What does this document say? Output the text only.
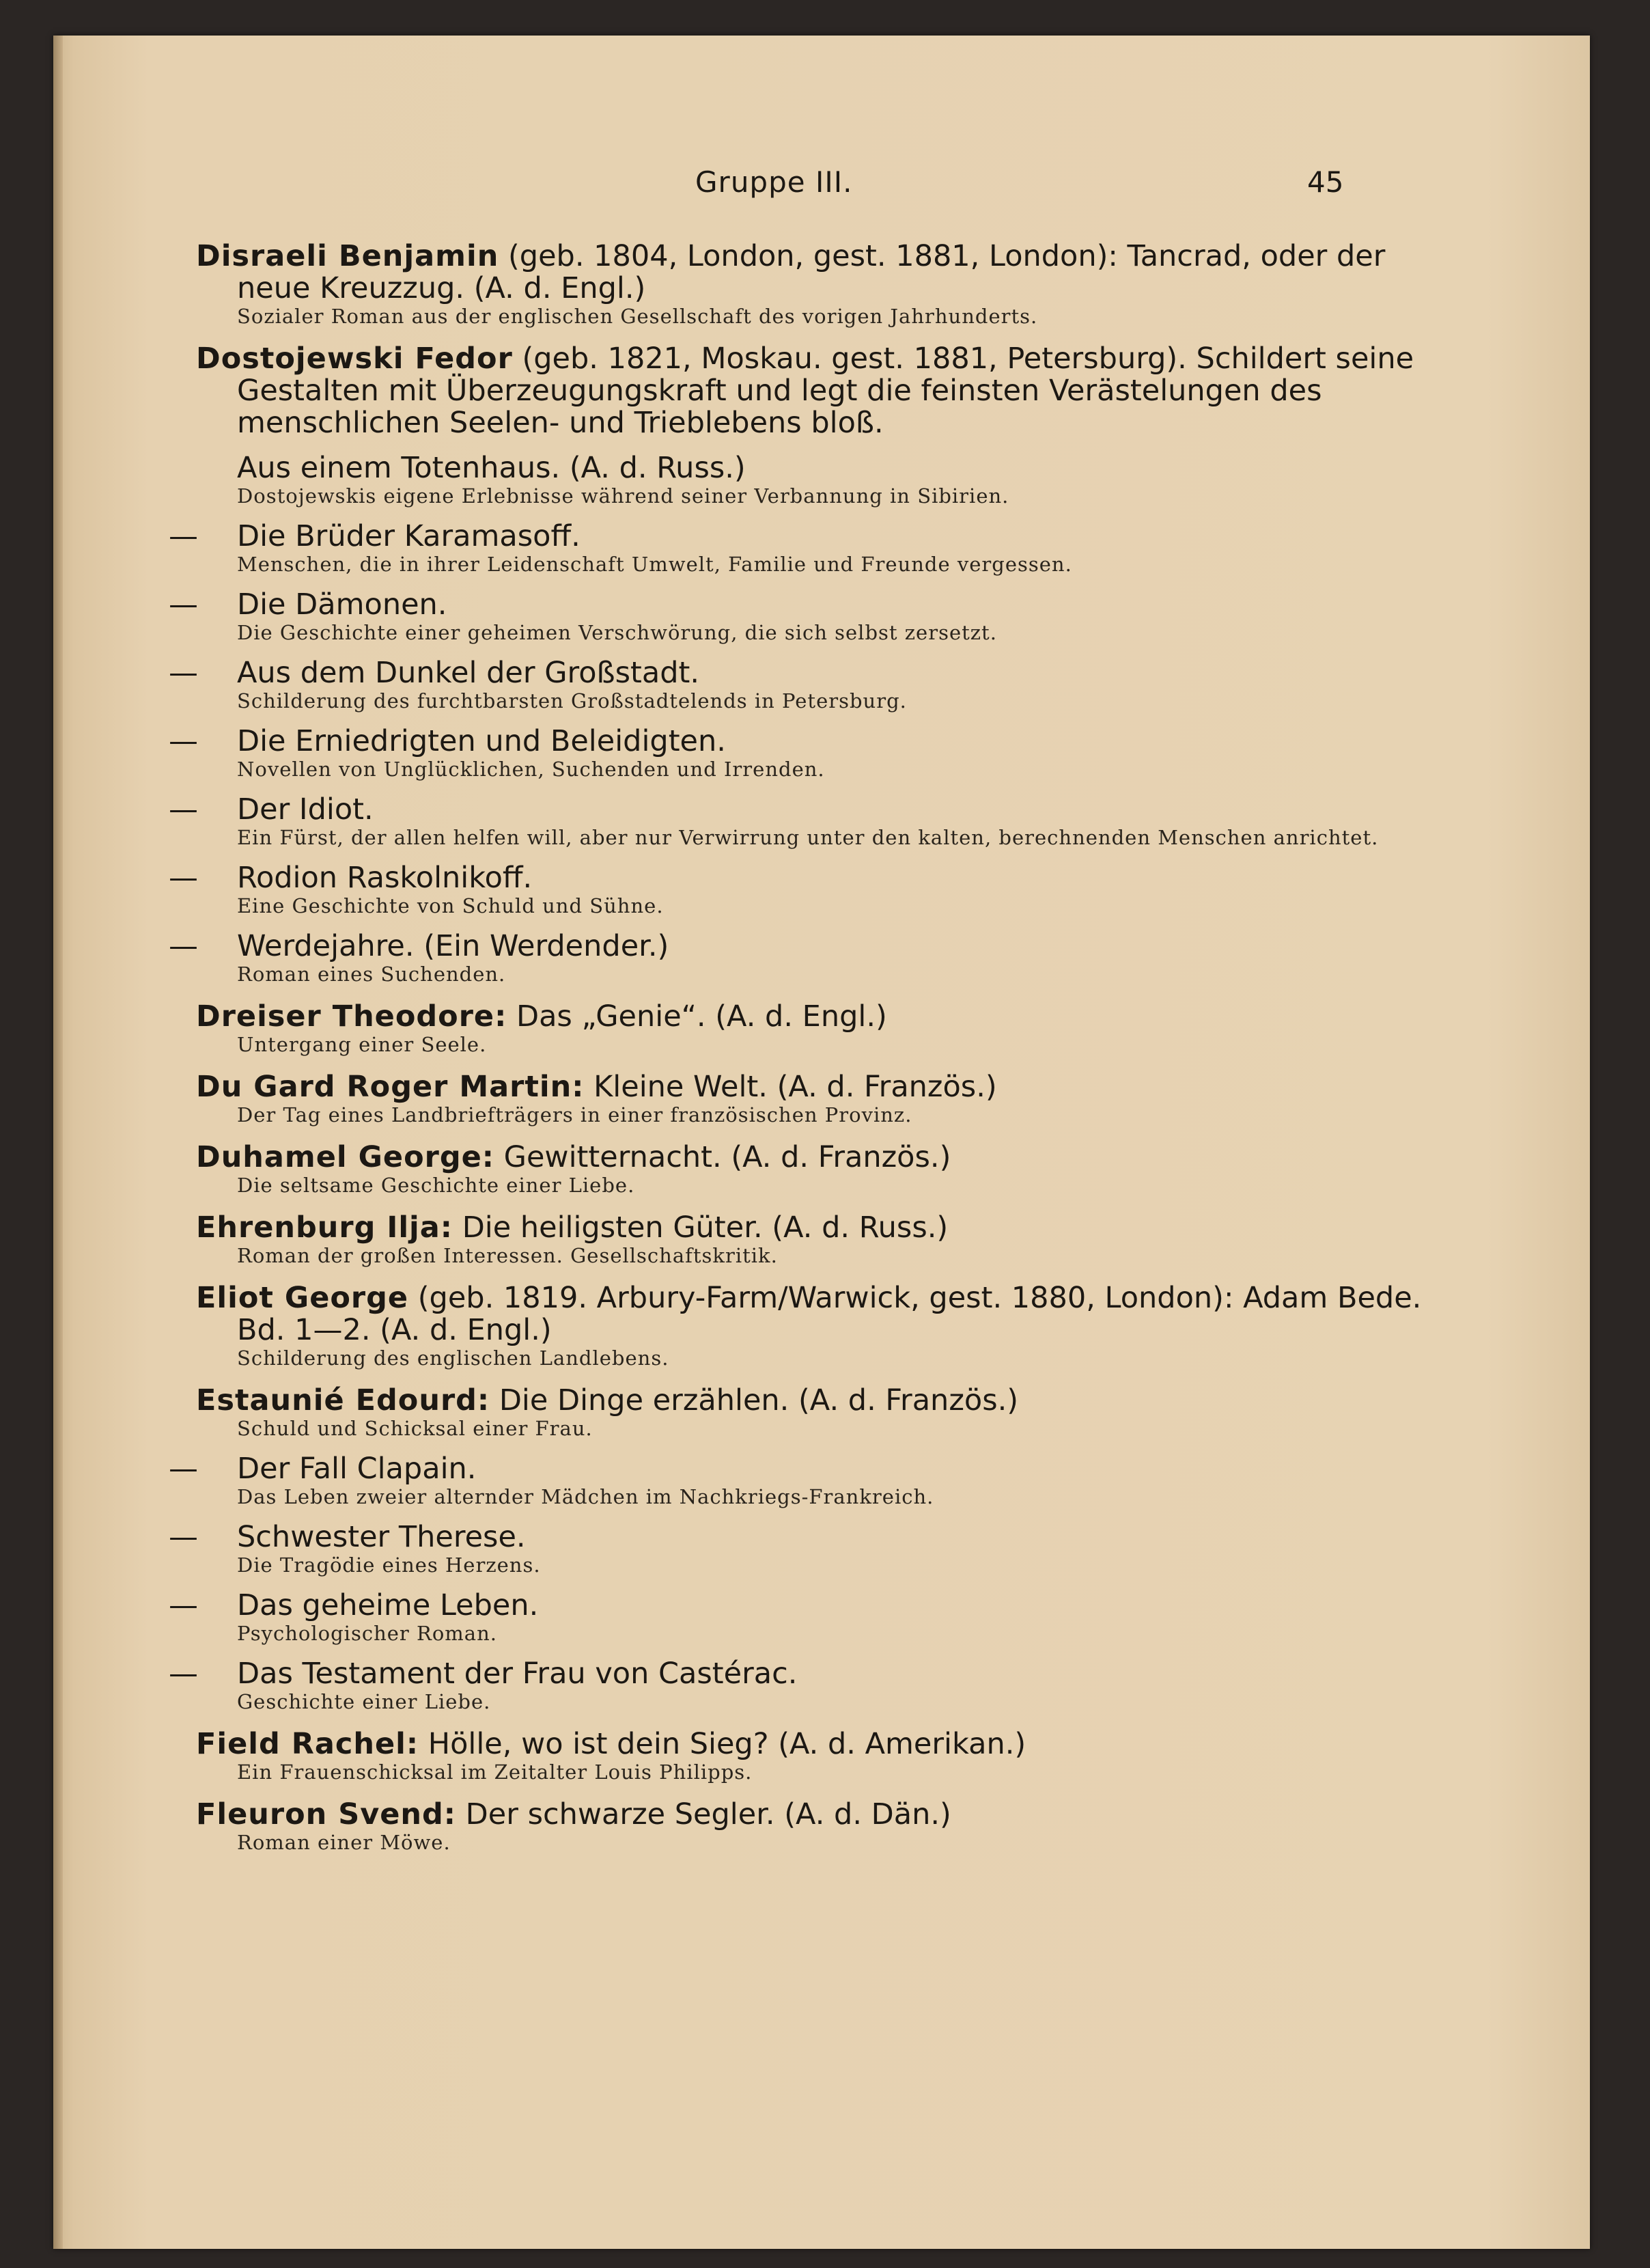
Gruppe III.	45
Disraeli Benjamin (geb. 1804, London, gest. 1881, London): Tancrad, oder der neue Kreuzzug. (A. d. Engl.)
Sozialer Roman aus der englischen Gesellschaft des vorigen Jahrhunderts.
Dostojewski Fedor (geb. 1821, Moskau. gest. 1881, Petersburg). Schildert seine Gestalten mit Überzeugungskraft und legt die feinsten Verästelungen des menschlichen Seelen- und Trieblebens bloß.
Aus einem Totenhaus. (A. d. Russ.)
Dostojewskis eigene Erlebnisse während seiner Verbannung in Sibirien.
— Die Brüder Karamasoff.
Menschen, die in ihrer Leidenschaft Umwelt, Familie und Freunde vergessen.
— Die Dämonen.
Die Geschichte einer geheimen Verschwörung, die sich selbst zersetzt.
— Aus dem Dunkel der Großstadt.
Schilderung des furchtbarsten Großstadtelends in Petersburg.
— Die Erniedrigten und Beleidigten.
Novellen von Unglücklichen, Suchenden und Irrenden.
— Der Idiot.
Ein Fürst, der allen helfen will, aber nur Verwirrung unter den kalten, berechnenden Menschen anrichtet.
— Rodion Raskolnikoff.
Eine Geschichte von Schuld und Sühne.
— Werdejahre. (Ein Werdender.)
Roman eines Suchenden.
Dreiser Theodore: Das „Genie“. (A. d. Engl.)
Untergang einer Seele.
Du Gard Roger Martin: Kleine Welt. (A. d. Französ.)
Der Tag eines Landbriefträgers in einer französischen Provinz.
Duhamel George: Gewitternacht. (A. d. Französ.)
Die seltsame Geschichte einer Liebe.
Ehrenburg Ilja: Die heiligsten Güter. (A. d. Russ.)
Roman der großen Interessen. Gesellschaftskritik.
Eliot George (geb. 1819. Arbury-Farm/Warwick, gest. 1880, London): Adam Bede. Bd. 1—2. (A. d. Engl.)
Schilderung des englischen Landlebens.
Estaunié Edourd: Die Dinge erzählen. (A. d. Französ.)
Schuld und Schicksal einer Frau.
— Der Fall Clapain.
Das Leben zweier alternder Mädchen im Nachkriegs-Frankreich.
— Schwester Therese.
Die Tragödie eines Herzens.
— Das geheime Leben.
Psychologischer Roman.
— Das Testament der Frau von Castérac.
Geschichte einer Liebe.
Field Rachel: Hölle, wo ist dein Sieg? (A. d. Amerikan.)
Ein Frauenschicksal im Zeitalter Louis Philipps.
Fleuron Svend: Der schwarze Segler. (A. d. Dän.)
Roman einer Möwe.
